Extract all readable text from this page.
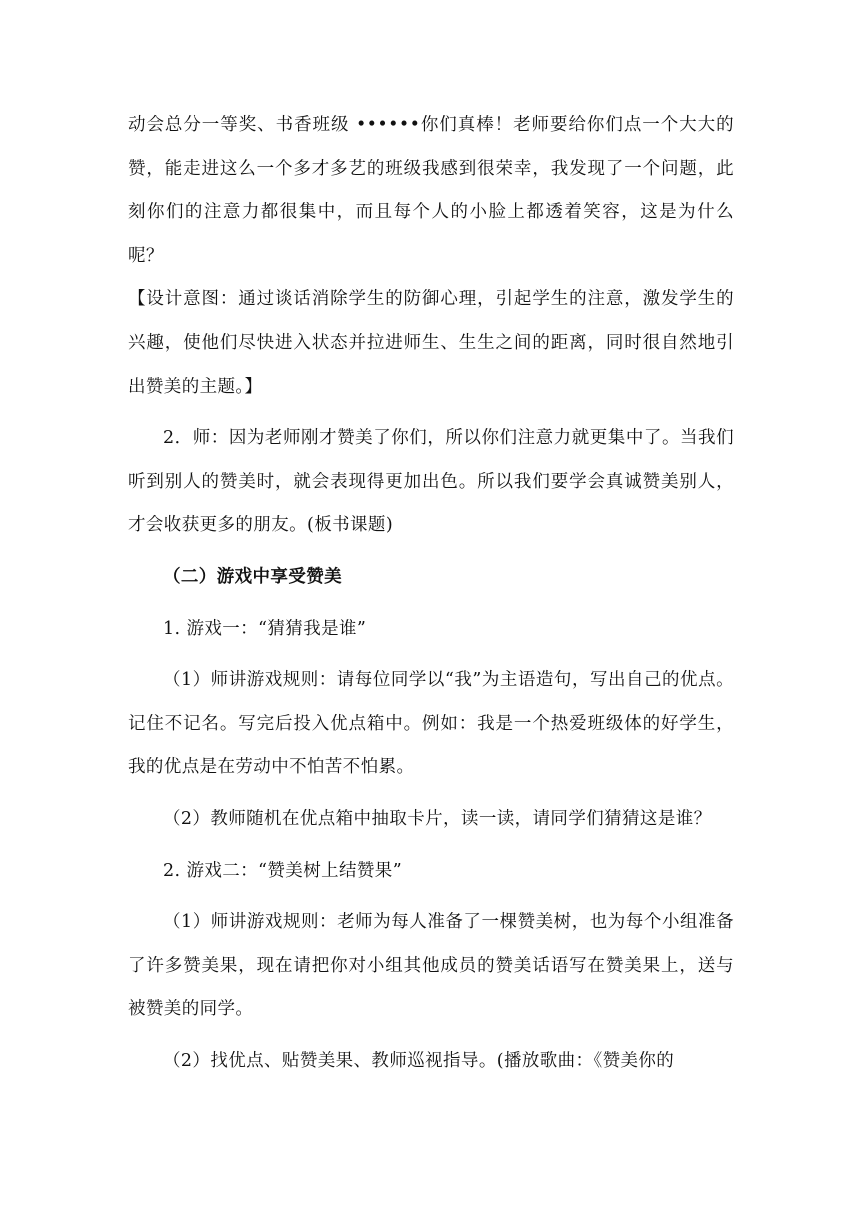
动会总分一等奖、书香班级 ••••••你们真棒！老师要给你们点一个大大的赞，能走进这么一个多才多艺的班级我感到很荣幸，我发现了一个问题，此刻你们的注意力都很集中，而且每个人的小脸上都透着笑容，这是为什么呢？

【设计意图：通过谈话消除学生的防御心理，引起学生的注意，激发学生的兴趣，使他们尽快进入状态并拉进师生、生生之间的距离，同时很自然地引出赞美的主题。】

2．师：因为老师刚才赞美了你们，所以你们注意力就更集中了。当我们听到别人的赞美时，就会表现得更加出色。所以我们要学会真诚赞美别人，才会收获更多的朋友。(板书课题)

（二）游戏中享受赞美

1. 游戏一：“猜猜我是谁”

（1）师讲游戏规则：请每位同学以“我”为主语造句，写出自己的优点。记住不记名。写完后投入优点箱中。例如：我是一个热爱班级体的好学生，我的优点是在劳动中不怕苦不怕累。

（2）教师随机在优点箱中抽取卡片，读一读，请同学们猜猜这是谁？

2. 游戏二：“赞美树上结赞果”

（1）师讲游戏规则：老师为每人准备了一棵赞美树，也为每个小组准备了许多赞美果，现在请把你对小组其他成员的赞美话语写在赞美果上，送与被赞美的同学。

（2）找优点、贴赞美果、教师巡视指导。(播放歌曲：《赞美你的
